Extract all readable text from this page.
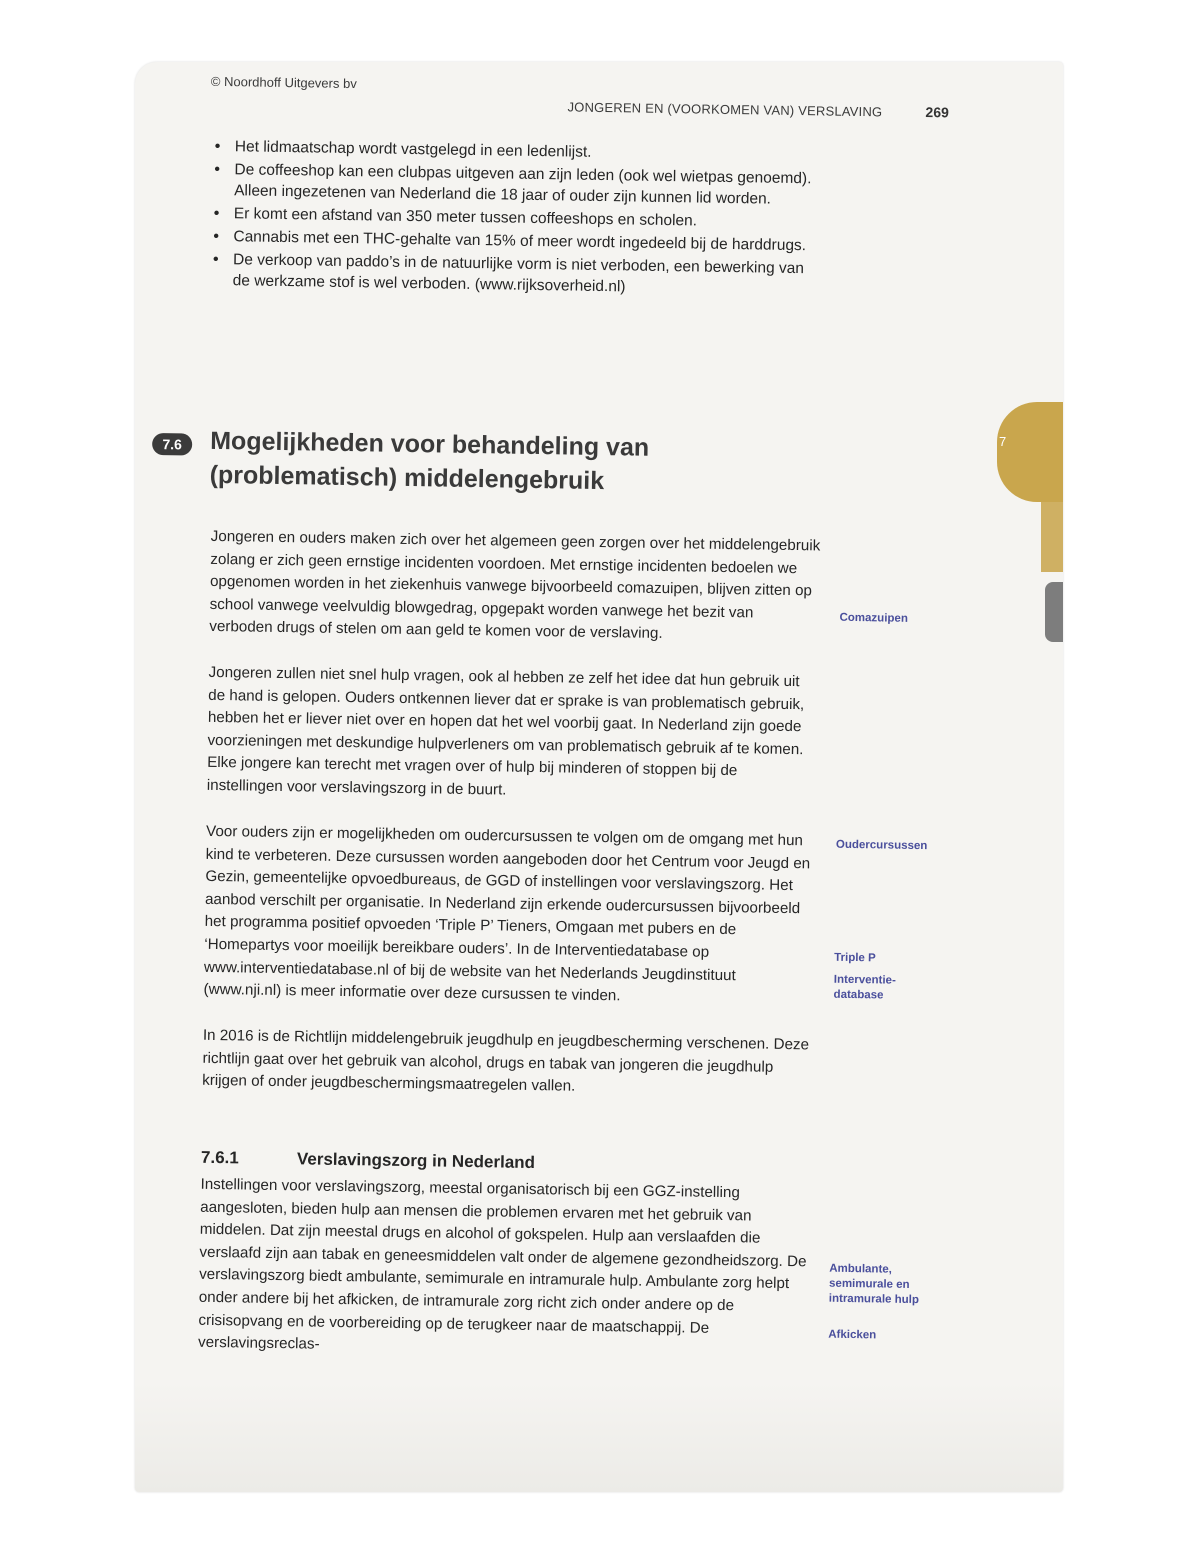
7
© Noordhoff Uitgevers bv
JONGEREN EN (VOORKOMEN VAN) VERSLAVING	269
• Het lidmaatschap wordt vastgelegd in een ledenlijst.
• De coffeeshop kan een clubpas uitgeven aan zijn leden (ook wel wietpas genoemd). Alleen ingezetenen van Nederland die 18 jaar of ouder zijn kunnen lid worden.
• Er komt een afstand van 350 meter tussen coffeeshops en scholen.
• Cannabis met een THC-gehalte van 15% of meer wordt ingedeeld bij de harddrugs.
• De verkoop van paddo’s in de natuurlijke vorm is niet verboden, een bewerking van de werkzame stof is wel verboden. (www.rijksoverheid.nl)
7.6	Mogelijkheden voor behandeling van (problematisch) middelengebruik

Jongeren en ouders maken zich over het algemeen geen zorgen over het middelengebruik zolang er zich geen ernstige incidenten voordoen. Met ernstige incidenten bedoelen we opgenomen worden in het ziekenhuis vanwege bijvoorbeeld comazuipen, blijven zitten op school vanwege veelvuldig blowgedrag, opgepakt worden vanwege het bezit van verboden drugs of stelen om aan geld te komen voor de verslaving.

Jongeren zullen niet snel hulp vragen, ook al hebben ze zelf het idee dat hun gebruik uit de hand is gelopen. Ouders ontkennen liever dat er sprake is van problematisch gebruik, hebben het er liever niet over en hopen dat het wel voorbij gaat. In Nederland zijn goede voorzieningen met deskundige hulpverleners om van problematisch gebruik af te komen. Elke jongere kan terecht met vragen over of hulp bij minderen of stoppen bij de instellingen voor verslavingszorg in de buurt.

Voor ouders zijn er mogelijkheden om oudercursussen te volgen om de omgang met hun kind te verbeteren. Deze cursussen worden aangeboden door het Centrum voor Jeugd en Gezin, gemeentelijke opvoedbureaus, de GGD of instellingen voor verslavingszorg. Het aanbod verschilt per organisatie. In Nederland zijn erkende oudercursussen bijvoorbeeld het programma positief opvoeden ‘Triple P’ Tieners, Omgaan met pubers en de ‘Homepartys voor moeilijk bereikbare ouders’. In de Interventiedatabase op www.interventiedatabase.nl of bij de website van het Nederlands Jeugdinstituut (www.nji.nl) is meer informatie over deze cursussen te vinden.

In 2016 is de Richtlijn middelengebruik jeugdhulp en jeugdbescherming verschenen. Deze richtlijn gaat over het gebruik van alcohol, drugs en tabak van jongeren die jeugdhulp krijgen of onder jeugdbeschermingsmaatregelen vallen.

7.6.1	Verslavingszorg in Nederland

Instellingen voor verslavingszorg, meestal organisatorisch bij een GGZ-instelling aangesloten, bieden hulp aan mensen die problemen ervaren met het gebruik van middelen. Dat zijn meestal drugs en alcohol of gokspelen. Hulp aan verslaafden die verslaafd zijn aan tabak en geneesmiddelen valt onder de algemene gezondheidszorg. De verslavingszorg biedt ambulante, semimurale en intramurale hulp. Ambulante zorg helpt onder andere bij het afkicken, de intramurale zorg richt zich onder andere op de crisisopvang en de voorbereiding op de terugkeer naar de maatschappij. De verslavingsreclas-

Comazuipen
Oudercursussen
Triple P
Interventie-database
Ambulante, semimurale en intramurale hulp
Afkicken
